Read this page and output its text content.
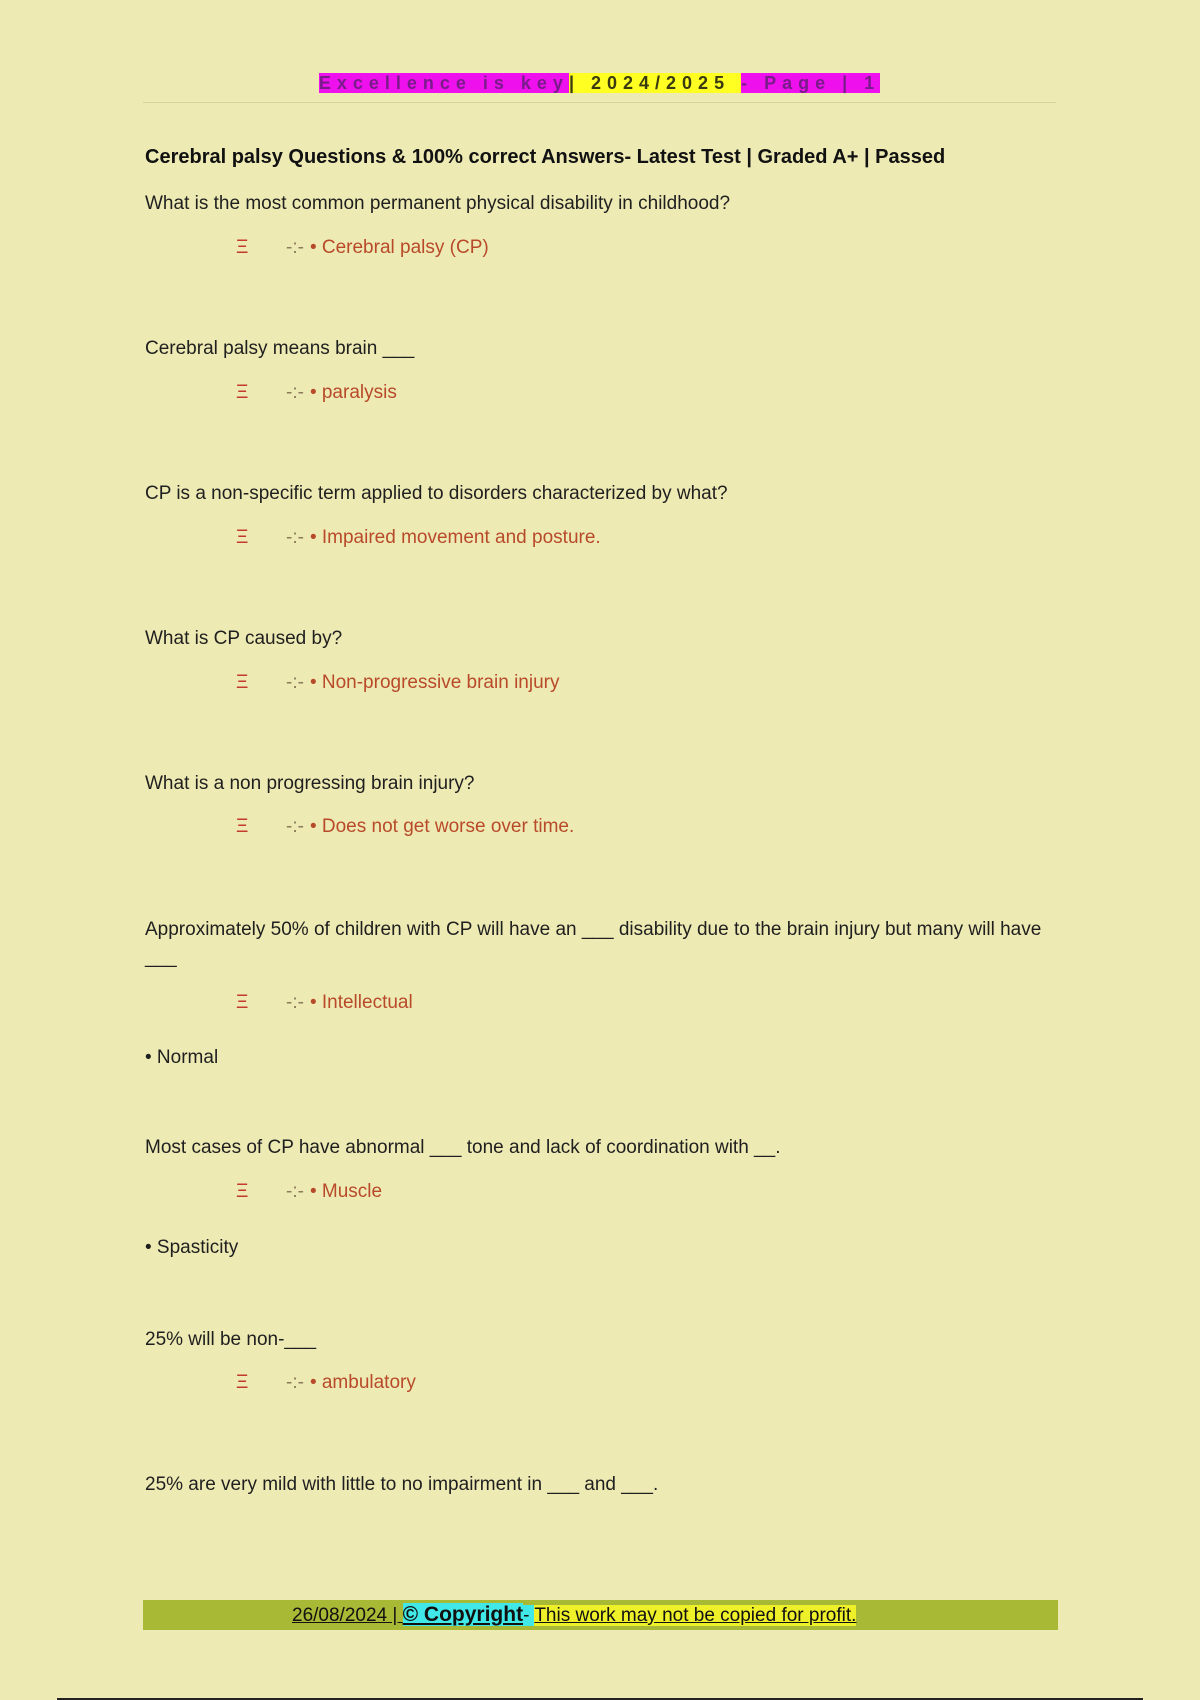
Excellence is key| 2024/2025 - Page | 1
Cerebral palsy Questions & 100% correct Answers- Latest Test | Graded A+ | Passed
What is the most common permanent physical disability in childhood?
Ξ -:- • Cerebral palsy (CP)
Cerebral palsy means brain ___
Ξ -:- • paralysis
CP is a non-specific term applied to disorders characterized by what?
Ξ -:- • Impaired movement and posture.
What is CP caused by?
Ξ -:- • Non-progressive brain injury
What is a non progressing brain injury?
Ξ -:- • Does not get worse over time.
Approximately 50% of children with CP will have an ___ disability due to the brain injury but many will have ___
Ξ -:- • Intellectual
• Normal
Most cases of CP have abnormal ___ tone and lack of coordination with __.
Ξ -:- • Muscle
• Spasticity
25% will be non-___
Ξ -:- • ambulatory
25% are very mild with little to no impairment in ___ and ___.
26/08/2024 | © Copyright- This work may not be copied for profit.
